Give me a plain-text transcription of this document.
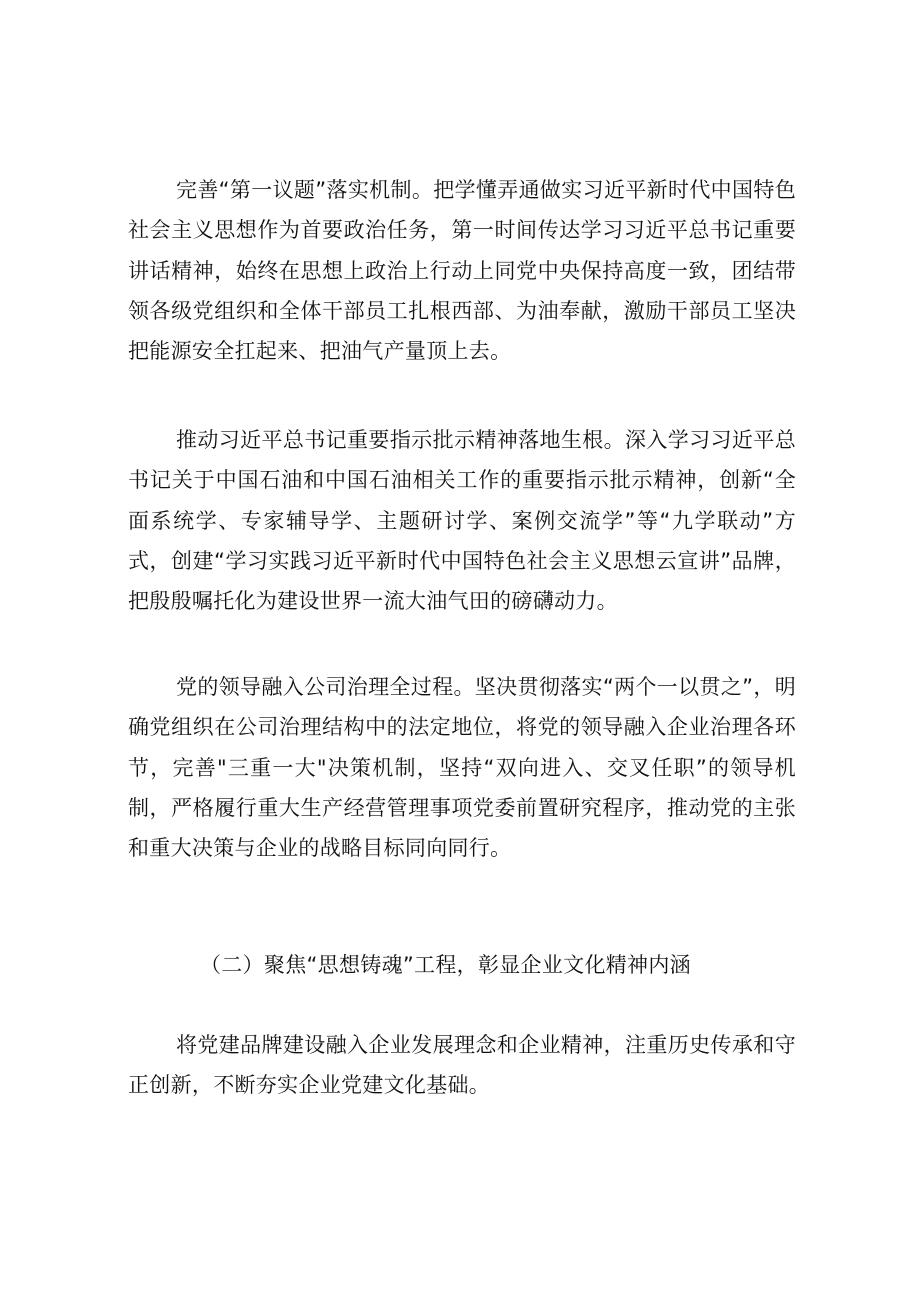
完善“第一议题”落实机制。把学懂弄通做实习近平新时代中国特色社会主义思想作为首要政治任务，第一时间传达学习习近平总书记重要讲话精神，始终在思想上政治上行动上同党中央保持高度一致，团结带领各级党组织和全体干部员工扎根西部、为油奉献，激励干部员工坚决把能源安全扛起来、把油气产量顶上去。

推动习近平总书记重要指示批示精神落地生根。深入学习习近平总书记关于中国石油和中国石油相关工作的重要指示批示精神，创新“全面系统学、专家辅导学、主题研讨学、案例交流学”等“九学联动”方式，创建“学习实践习近平新时代中国特色社会主义思想云宣讲”品牌，把殷殷嘱托化为建设世界一流大油气田的磅礴动力。

党的领导融入公司治理全过程。坚决贯彻落实“两个一以贯之”，明确党组织在公司治理结构中的法定地位，将党的领导融入企业治理各环节，完善"三重一大"决策机制，坚持“双向进入、交叉任职”的领导机制，严格履行重大生产经营管理事项党委前置研究程序，推动党的主张和重大决策与企业的战略目标同向同行。

（二）聚焦“思想铸魂”工程，彰显企业文化精神内涵

将党建品牌建设融入企业发展理念和企业精神，注重历史传承和守正创新，不断夯实企业党建文化基础。
